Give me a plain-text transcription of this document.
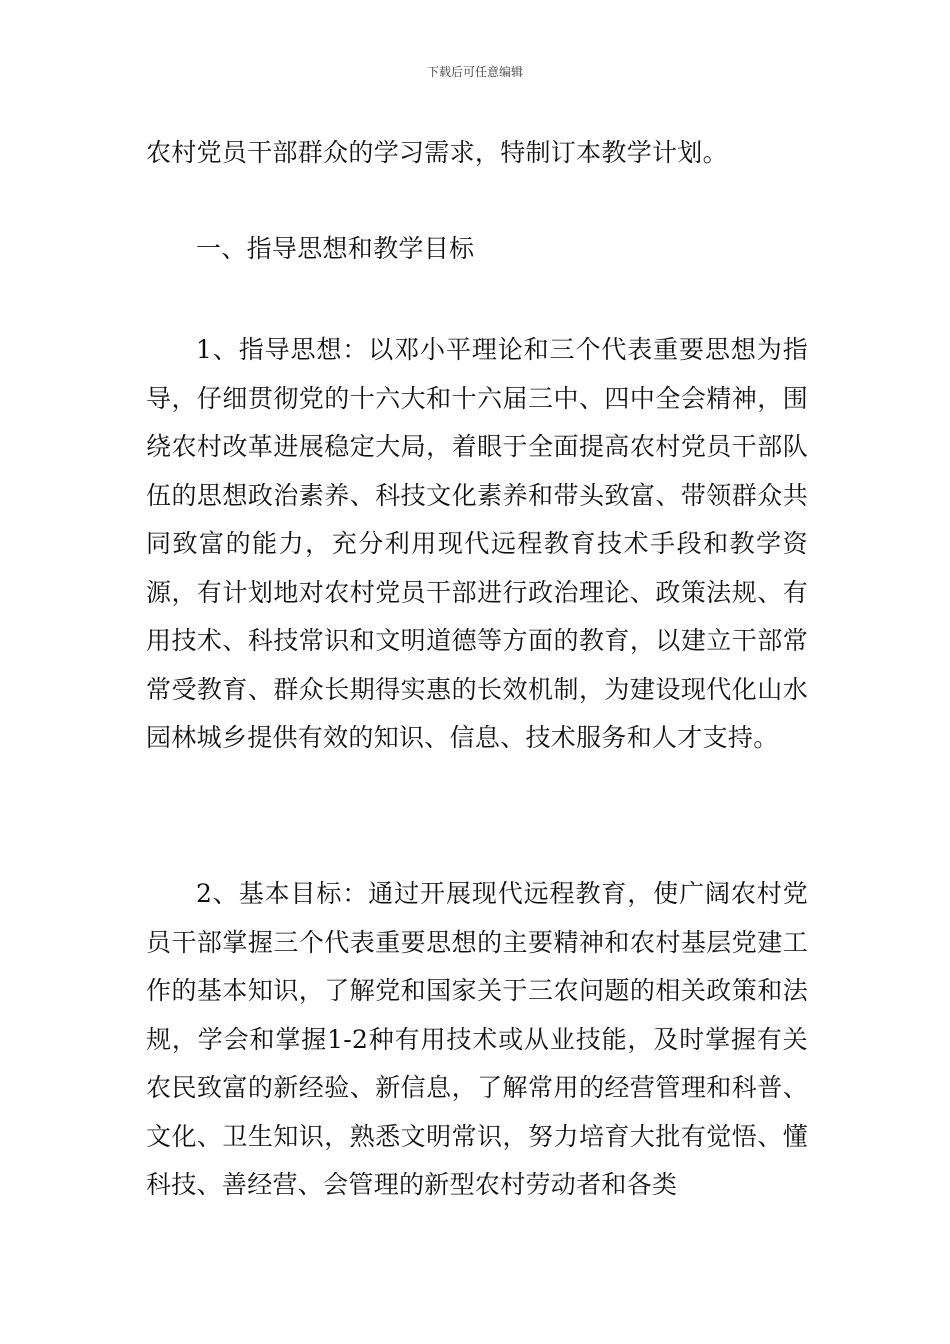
下载后可任意编辑

农村党员干部群众的学习需求，特制订本教学计划。

一、指导思想和教学目标

1、指导思想：以邓小平理论和三个代表重要思想为指导，仔细贯彻党的十六大和十六届三中、四中全会精神，围绕农村改革进展稳定大局，着眼于全面提高农村党员干部队伍的思想政治素养、科技文化素养和带头致富、带领群众共同致富的能力，充分利用现代远程教育技术手段和教学资源，有计划地对农村党员干部进行政治理论、政策法规、有用技术、科技常识和文明道德等方面的教育，以建立干部常常受教育、群众长期得实惠的长效机制，为建设现代化山水园林城乡提供有效的知识、信息、技术服务和人才支持。

2、基本目标：通过开展现代远程教育，使广阔农村党员干部掌握三个代表重要思想的主要精神和农村基层党建工作的基本知识，了解党和国家关于三农问题的相关政策和法规，学会和掌握1-2种有用技术或从业技能，及时掌握有关农民致富的新经验、新信息，了解常用的经营管理和科普、文化、卫生知识，熟悉文明常识，努力培育大批有觉悟、懂科技、善经营、会管理的新型农村劳动者和各类
